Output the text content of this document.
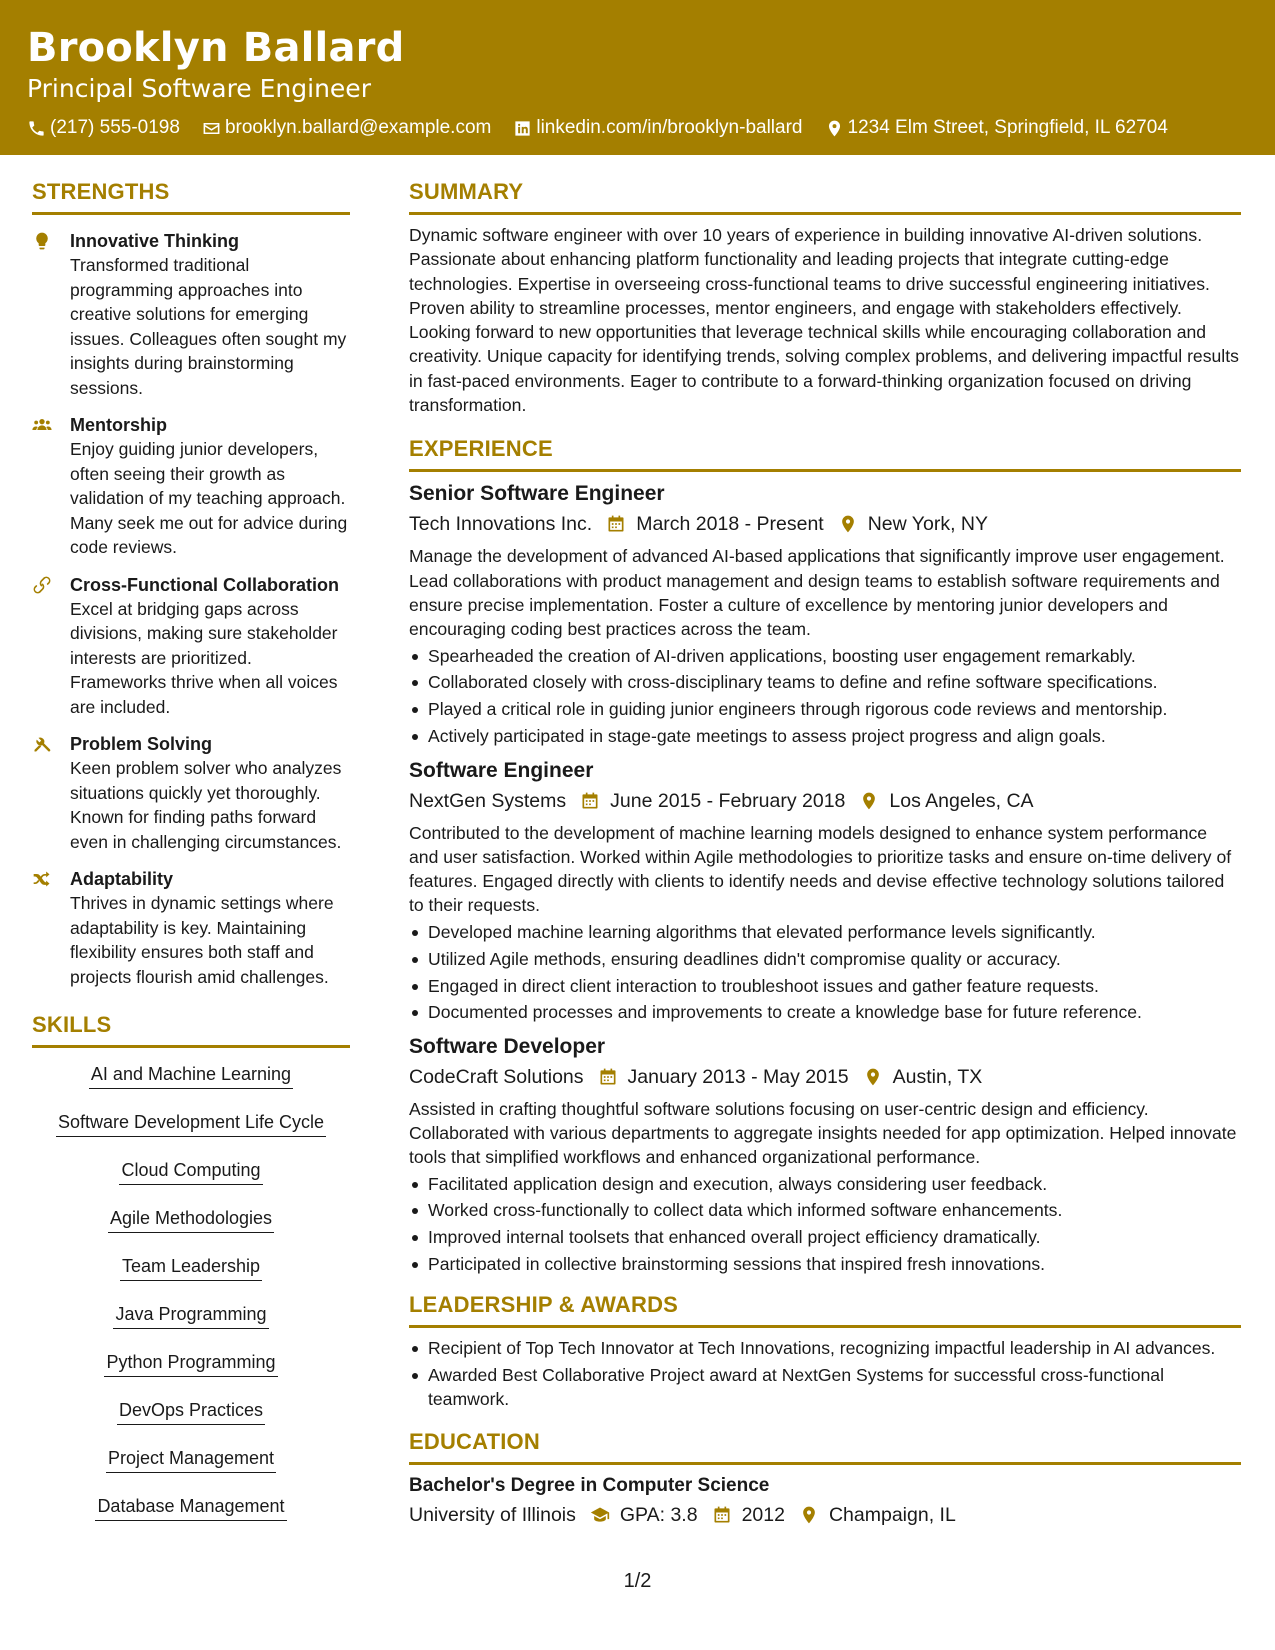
Brooklyn Ballard
Principal Software Engineer
(217) 555-0198 brooklyn.ballard@example.com linkedin.com/in/brooklyn-ballard 1234 Elm Street, Springfield, IL 62704
STRENGTHS
Innovative Thinking
Transformed traditional programming approaches into creative solutions for emerging issues. Colleagues often sought my insights during brainstorming sessions.
Mentorship
Enjoy guiding junior developers, often seeing their growth as validation of my teaching approach. Many seek me out for advice during code reviews.
Cross-Functional Collaboration
Excel at bridging gaps across divisions, making sure stakeholder interests are prioritized. Frameworks thrive when all voices are included.
Problem Solving
Keen problem solver who analyzes situations quickly yet thoroughly. Known for finding paths forward even in challenging circumstances.
Adaptability
Thrives in dynamic settings where adaptability is key. Maintaining flexibility ensures both staff and projects flourish amid challenges.
SKILLS
AI and Machine Learning
Software Development Life Cycle
Cloud Computing
Agile Methodologies
Team Leadership
Java Programming
Python Programming
DevOps Practices
Project Management
Database Management
SUMMARY
Dynamic software engineer with over 10 years of experience in building innovative AI-driven solutions. Passionate about enhancing platform functionality and leading projects that integrate cutting-edge technologies. Expertise in overseeing cross-functional teams to drive successful engineering initiatives. Proven ability to streamline processes, mentor engineers, and engage with stakeholders effectively. Looking forward to new opportunities that leverage technical skills while encouraging collaboration and creativity. Unique capacity for identifying trends, solving complex problems, and delivering impactful results in fast-paced environments. Eager to contribute to a forward-thinking organization focused on driving transformation.
EXPERIENCE
Senior Software Engineer
Tech Innovations Inc. March 2018 - Present New York, NY
Manage the development of advanced AI-based applications that significantly improve user engagement. Lead collaborations with product management and design teams to establish software requirements and ensure precise implementation. Foster a culture of excellence by mentoring junior developers and encouraging coding best practices across the team.
Spearheaded the creation of AI-driven applications, boosting user engagement remarkably.
Collaborated closely with cross-disciplinary teams to define and refine software specifications.
Played a critical role in guiding junior engineers through rigorous code reviews and mentorship.
Actively participated in stage-gate meetings to assess project progress and align goals.
Software Engineer
NextGen Systems June 2015 - February 2018 Los Angeles, CA
Contributed to the development of machine learning models designed to enhance system performance and user satisfaction. Worked within Agile methodologies to prioritize tasks and ensure on-time delivery of features. Engaged directly with clients to identify needs and devise effective technology solutions tailored to their requests.
Developed machine learning algorithms that elevated performance levels significantly.
Utilized Agile methods, ensuring deadlines didn't compromise quality or accuracy.
Engaged in direct client interaction to troubleshoot issues and gather feature requests.
Documented processes and improvements to create a knowledge base for future reference.
Software Developer
CodeCraft Solutions January 2013 - May 2015 Austin, TX
Assisted in crafting thoughtful software solutions focusing on user-centric design and efficiency. Collaborated with various departments to aggregate insights needed for app optimization. Helped innovate tools that simplified workflows and enhanced organizational performance.
Facilitated application design and execution, always considering user feedback.
Worked cross-functionally to collect data which informed software enhancements.
Improved internal toolsets that enhanced overall project efficiency dramatically.
Participated in collective brainstorming sessions that inspired fresh innovations.
LEADERSHIP & AWARDS
Recipient of Top Tech Innovator at Tech Innovations, recognizing impactful leadership in AI advances.
Awarded Best Collaborative Project award at NextGen Systems for successful cross-functional teamwork.
EDUCATION
Bachelor's Degree in Computer Science
University of Illinois GPA: 3.8 2012 Champaign, IL
1/2
